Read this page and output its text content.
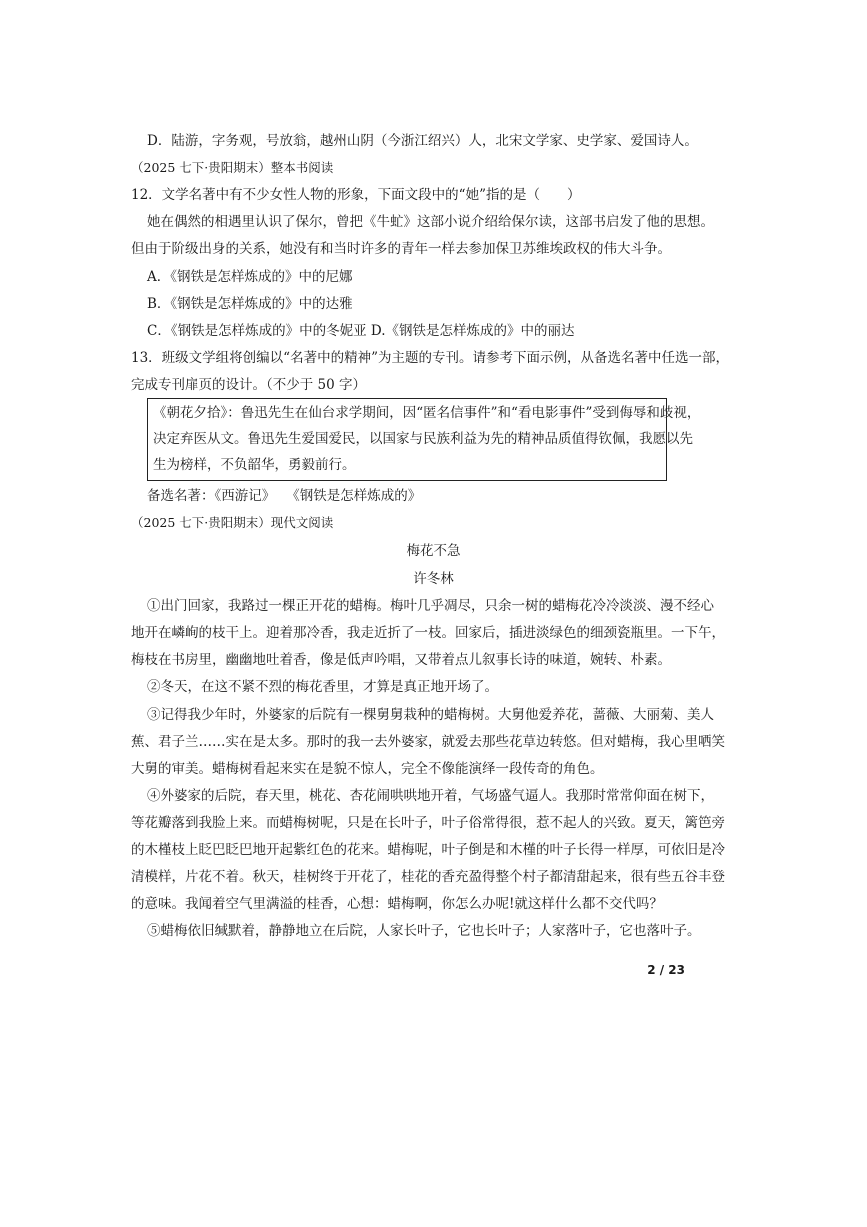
D．陆游，字务观，号放翁，越州山阴（今浙江绍兴）人，北宋文学家、史学家、爱国诗人。
（2025 七下·贵阳期末）整本书阅读
12．文学名著中有不少女性人物的形象，下面文段中的“她”指的是（　　）
她在偶然的相遇里认识了保尔，曾把《牛虻》这部小说介绍给保尔读，这部书启发了他的思想。
但由于阶级出身的关系，她没有和当时许多的青年一样去参加保卫苏维埃政权的伟大斗争。
A．《钢铁是怎样炼成的》中的尼娜
B．《钢铁是怎样炼成的》中的达雅
C．《钢铁是怎样炼成的》中的冬妮亚 D.《钢铁是怎样炼成的》中的丽达
13．班级文学组将创编以“名著中的精神”为主题的专刊。请参考下面示例，从备选名著中任选一部，
完成专刊扉页的设计。（不少于 50 字）
《朝花夕拾》：鲁迅先生在仙台求学期间，因“匿名信事件”和“看电影事件”受到侮辱和歧视，
决定弃医从文。鲁迅先生爱国爱民，以国家与民族利益为先的精神品质值得钦佩，我愿以先
生为榜样，不负韶华，勇毅前行。
备选名著：《西游记》　 《钢铁是怎样炼成的》
（2025 七下·贵阳期末）现代文阅读
梅花不急
许冬林
①出门回家，我路过一棵正开花的蜡梅。梅叶几乎凋尽，只余一树的蜡梅花冷冷淡淡、漫不经心
地开在嶙峋的枝干上。迎着那冷香，我走近折了一枝。回家后，插进淡绿色的细颈瓷瓶里。一下午，
梅枝在书房里，幽幽地吐着香，像是低声吟唱，又带着点儿叙事长诗的味道，婉转、朴素。
②冬天，在这不紧不烈的梅花香里，才算是真正地开场了。
③记得我少年时，外婆家的后院有一棵舅舅栽种的蜡梅树。大舅他爱养花，蔷薇、大丽菊、美人
蕉、君子兰……实在是太多。那时的我一去外婆家，就爱去那些花草边转悠。但对蜡梅，我心里哂笑
大舅的审美。蜡梅树看起来实在是貌不惊人，完全不像能演绎一段传奇的角色。
④外婆家的后院，春天里，桃花、杏花闹哄哄地开着，气场盛气逼人。我那时常常仰面在树下，
等花瓣落到我脸上来。而蜡梅树呢，只是在长叶子，叶子俗常得很，惹不起人的兴致。夏天，篱笆旁
的木槿枝上眨巴眨巴地开起紫红色的花来。蜡梅呢，叶子倒是和木槿的叶子长得一样厚，可依旧是冷
清模样，片花不着。秋天，桂树终于开花了，桂花的香充盈得整个村子都清甜起来，很有些五谷丰登
的意味。我闻着空气里满溢的桂香，心想：蜡梅啊，你怎么办呢!就这样什么都不交代吗？
⑤蜡梅依旧缄默着，静静地立在后院，人家长叶子，它也长叶子；人家落叶子，它也落叶子。
2 / 23
